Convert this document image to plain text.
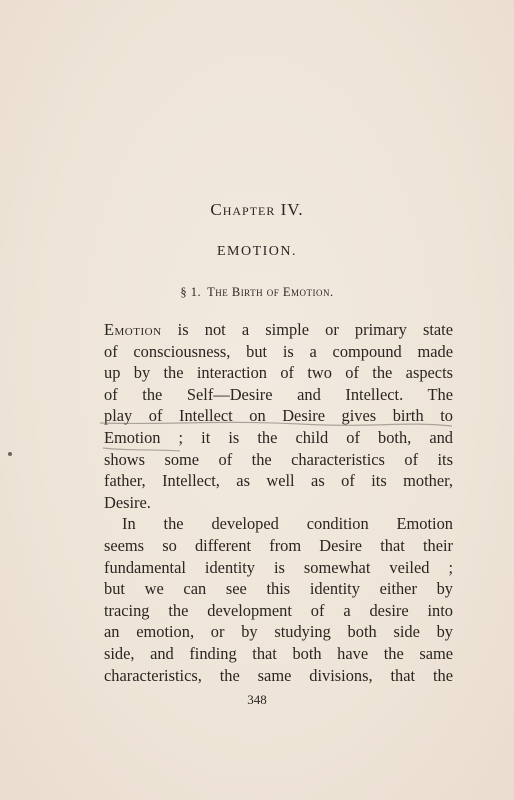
Chapter IV.
EMOTION.
§ 1. The Birth of Emotion.

Emotion is not a simple or primary state
of consciousness, but is a compound made
up by the interaction of two of the aspects
of the Self—Desire and Intellect. The
play of Intellect on Desire gives birth to
Emotion ; it is the child of both, and
shows some of the characteristics of its
father, Intellect, as well as of its mother,
Desire.

In the developed condition Emotion
seems so different from Desire that their
fundamental identity is somewhat veiled ;
but we can see this identity either by
tracing the development of a desire into
an emotion, or by studying both side by
side, and finding that both have the same
characteristics, the same divisions, that the

348
